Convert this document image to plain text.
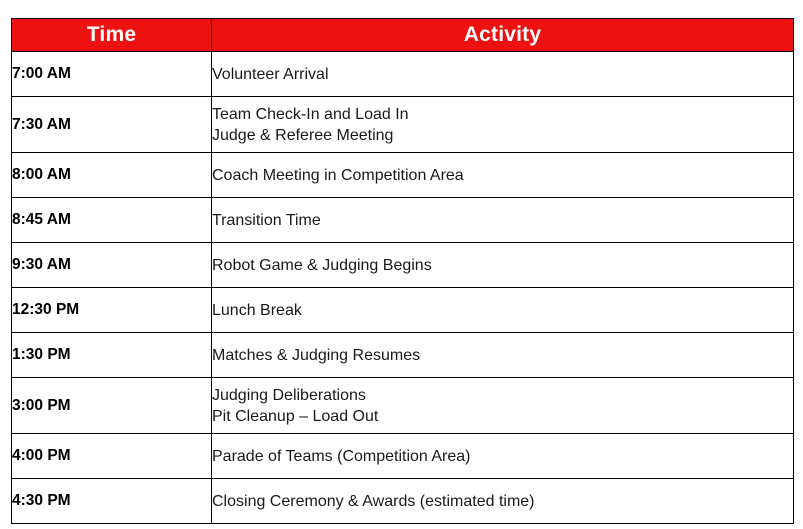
Time	Activity
7:00 AM	Volunteer Arrival

7:30 AM	Team Check-In and Load In
Judge & Referee Meeting

8:00 AM	Coach Meeting in Competition Area

8:45 AM	Transition Time

9:30 AM	Robot Game & Judging Begins

12:30 PM	Lunch Break

1:30 PM	Matches & Judging Resumes

3:00 PM	Judging Deliberations
Pit Cleanup – Load Out

4:00 PM	Parade of Teams (Competition Area)

4:30 PM	Closing Ceremony & Awards (estimated time)
